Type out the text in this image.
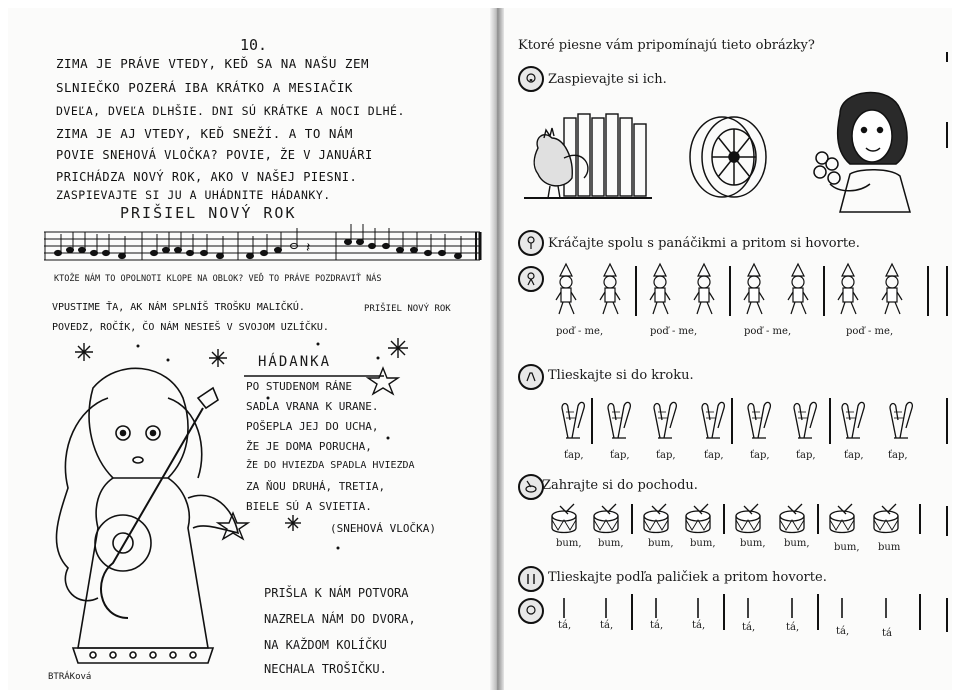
10.
ZIMA JE PRÁVE VTEDY, KEĎ SA NA NAŠU ZEM
SLNIEČKO POZERÁ IBA KRÁTKO A MESIAČIK
DVEĽA, DVEĽA DLHŠIE. DNI SÚ KRÁTKE A NOCI DLHÉ.
ZIMA JE AJ VTEDY, KEĎ SNEŽÍ. A TO NÁM
POVIE SNEHOVÁ VLOČKA? POVIE, ŽE V JANUÁRI
PRICHÁDZA NOVÝ ROK, AKO V NAŠEJ PIESNI.
ZASPIEVAJTE SI JU A UHÁDNITE HÁDANKY.
PRIŠIEL NOVÝ ROK
𝄽
KTOŽE NÁM TO OPOLNOTI KLOPE NA OBLOK? VEĎ TO PRÁVE POZDRAVIŤ NÁS
PRIŠIEL NOVÝ ROK
VPUSTIME ŤA, AK NÁM SPLNÍŠ TROŠKU MALIČKÚ.
POVEDZ, ROČÍK, ČO NÁM NESIEŠ V SVOJOM UZLÍČKU.
HÁDANKA
PO STUDENOM RÁNE
SADLA VRANA K URANE.
POŠEPLA JEJ DO UCHA,
ŽE JE DOMA PORUCHA,
ŽE DO HVIEZDA SPADLA HVIEZDA
ZA ŇOU DRUHÁ, TRETIA,
BIELE SÚ A SVIETIA.
(SNEHOVÁ VLOČKA)
PRIŠLA K NÁM POTVORA
NAZRELA NÁM DO DVORA,
NA KAŽDOM KOLÍČKU
NECHALA TROŠIČKU.
BTRÁKová
Ktoré piesne vám pripomínajú tieto obrázky?
Zaspievajte si ich.
Kráčajte spolu s panáčikmi a pritom si hovorte.
poď - me,	poď - me,	poď - me,	poď - me,
Tlieskajte si do kroku.
ťap,	ťap,	ťap,	ťap,	ťap,	ťap,	ťap, ťap,
Zahrajte si do pochodu.
bum, bum, bum, bum, bum, bum, bum, bum
Tlieskajte podľa paličiek a pritom hovorte.
tá,	tá,	tá,	tá,	tá,	tá,	tá,	tá
